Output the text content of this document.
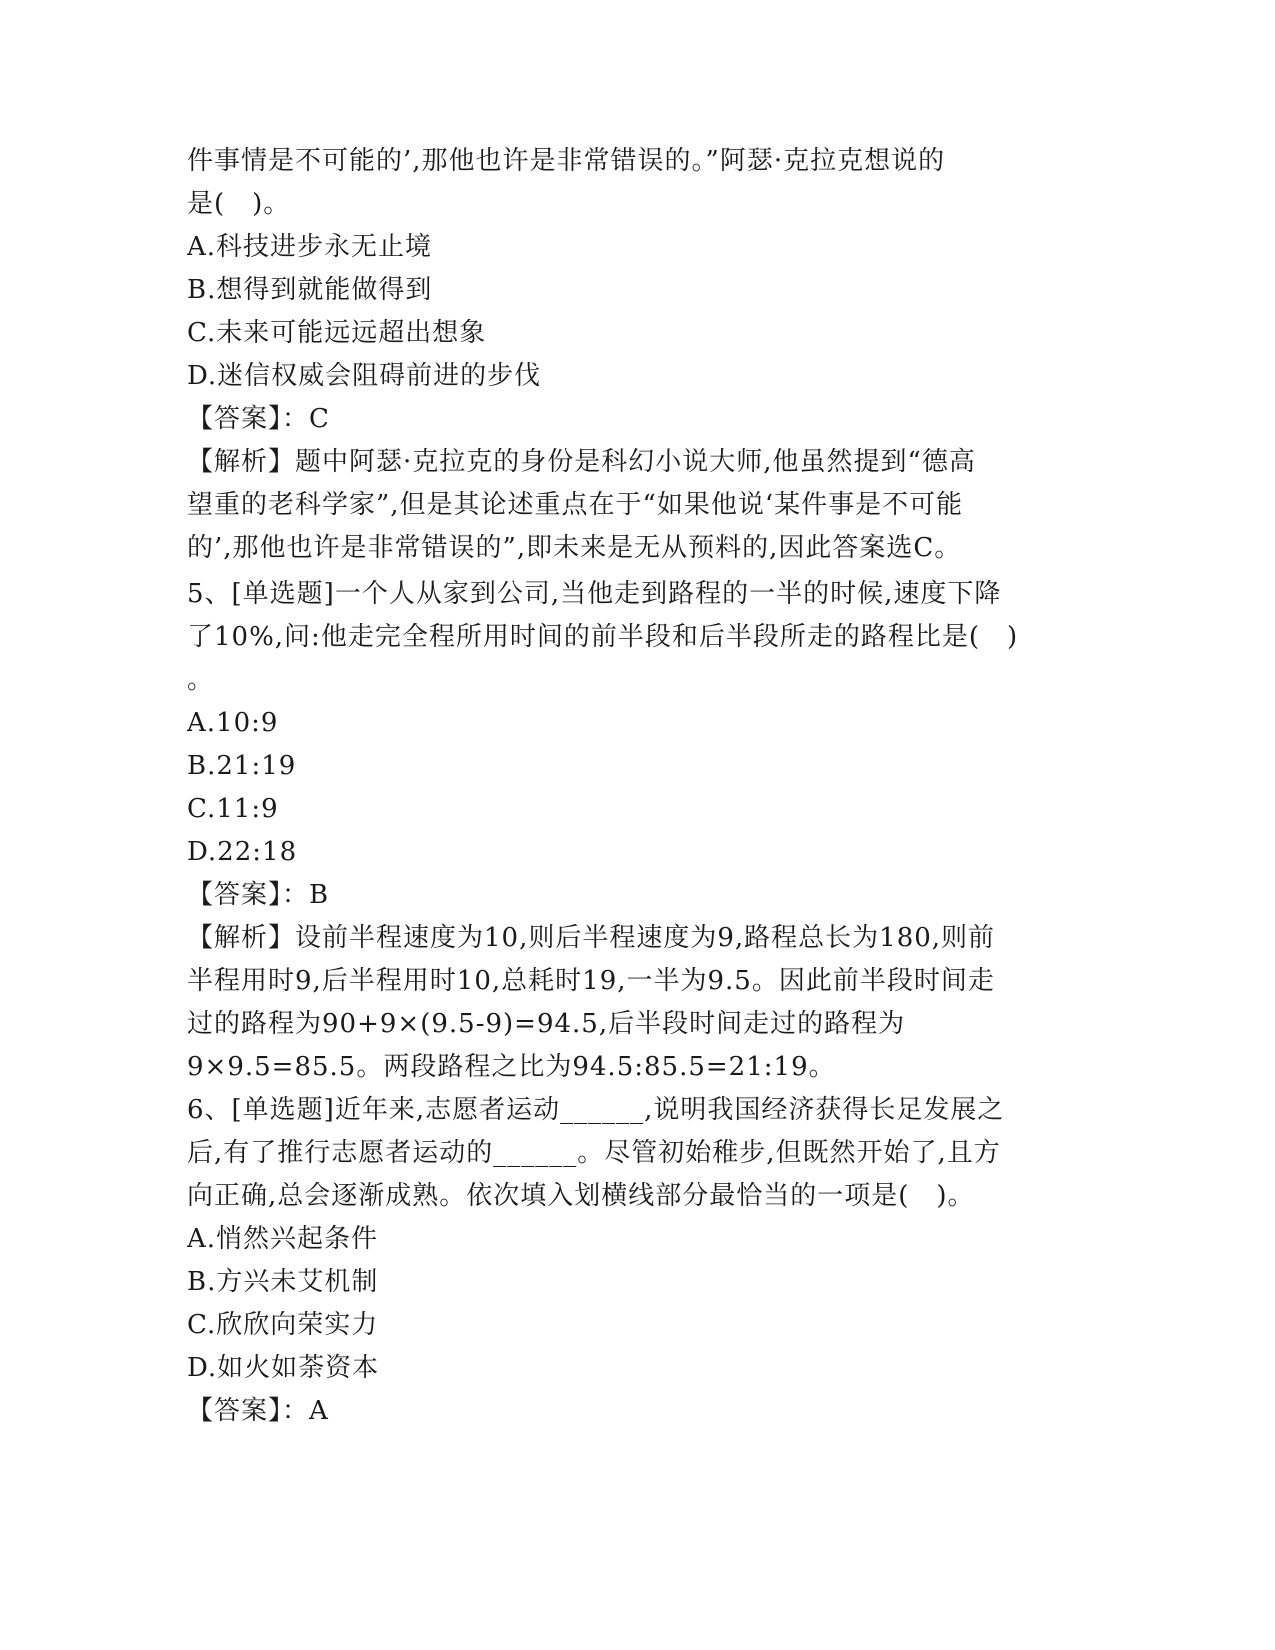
件事情是不可能的’,那他也许是非常错误的。”阿瑟·克拉克想说的
是(　)。
A.科技进步永无止境
B.想得到就能做得到
C.未来可能远远超出想象
D.迷信权威会阻碍前进的步伐
【答案】：C
【解析】题中阿瑟·克拉克的身份是科幻小说大师,他虽然提到“德高
望重的老科学家”,但是其论述重点在于“如果他说‘某件事是不可能
的’,那他也许是非常错误的”,即未来是无从预料的,因此答案选C。
5、[单选题]一个人从家到公司,当他走到路程的一半的时候,速度下降
了10%,问:他走完全程所用时间的前半段和后半段所走的路程比是(　)
。
A.10:9
B.21:19
C.11:9
D.22:18
【答案】：B
【解析】设前半程速度为10,则后半程速度为9,路程总长为180,则前
半程用时9,后半程用时10,总耗时19,一半为9.5。因此前半段时间走
过的路程为90+9×(9.5-9)=94.5,后半段时间走过的路程为
9×9.5=85.5。两段路程之比为94.5:85.5=21:19。
6、[单选题]近年来,志愿者运动______,说明我国经济获得长足发展之
后,有了推行志愿者运动的______。尽管初始稚步,但既然开始了,且方
向正确,总会逐渐成熟。依次填入划横线部分最恰当的一项是(　)。
A.悄然兴起条件
B.方兴未艾机制
C.欣欣向荣实力
D.如火如荼资本
【答案】：A
